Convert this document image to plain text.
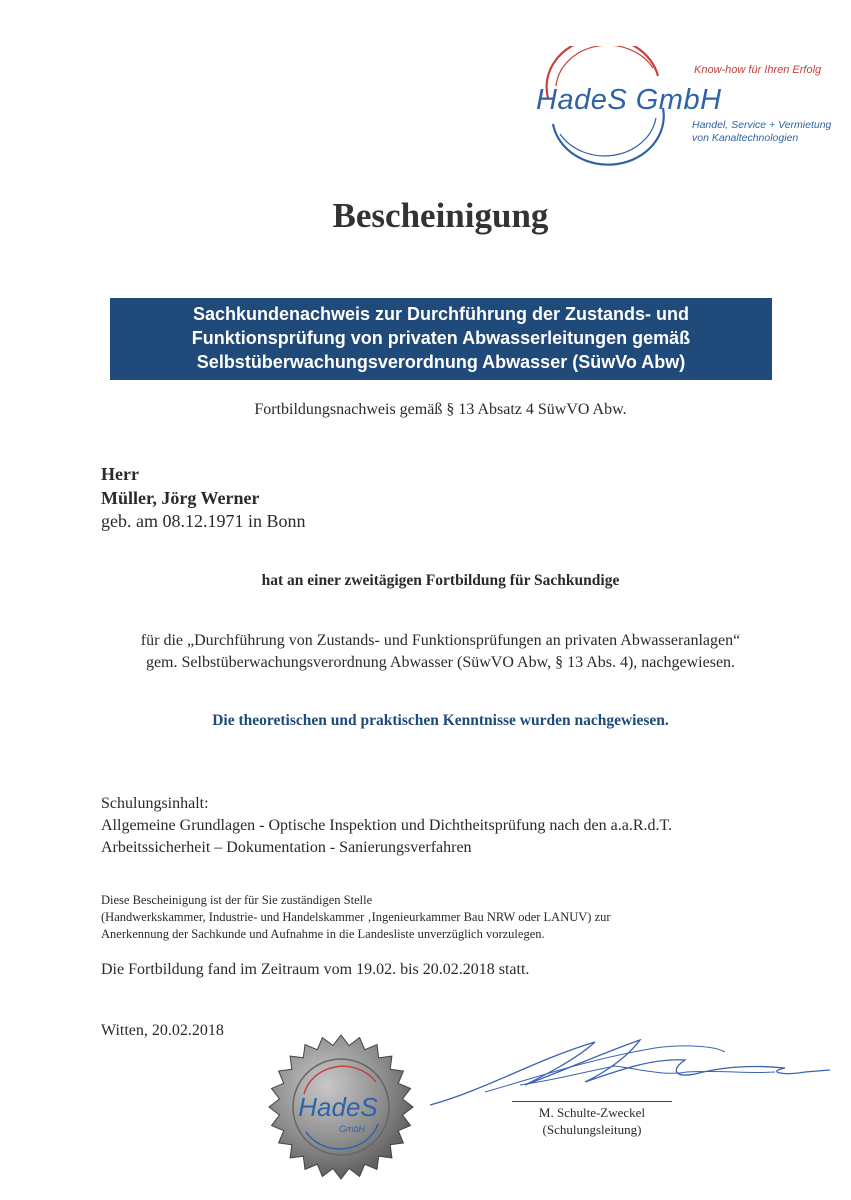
Know-how für Ihren Erfolg
HadeS GmbH
Handel, Service + Vermietung
von Kanaltechnologien
Bescheinigung
Sachkundenachweis zur Durchführung der Zustands- und
Funktionsprüfung von privaten Abwasserleitungen gemäß
Selbstüberwachungsverordnung Abwasser (SüwVo Abw)
Fortbildungsnachweis gemäß § 13 Absatz 4 SüwVO Abw.
Herr
Müller, Jörg Werner
geb. am 08.12.1971 in Bonn
hat an einer zweitägigen Fortbildung für Sachkundige
für die „Durchführung von Zustands- und Funktionsprüfungen an privaten Abwasseranlagen“
gem. Selbstüberwachungsverordnung Abwasser (SüwVO Abw, § 13 Abs. 4), nachgewiesen.
Die theoretischen und praktischen Kenntnisse wurden nachgewiesen.
Schulungsinhalt:
Allgemeine Grundlagen - Optische Inspektion und Dichtheitsprüfung nach den a.a.R.d.T.
Arbeitssicherheit – Dokumentation - Sanierungsverfahren
Diese Bescheinigung ist der für Sie zuständigen Stelle
(Handwerkskammer, Industrie- und Handelskammer ‚Ingenieurkammer Bau NRW oder LANUV) zur
Anerkennung der Sachkunde und Aufnahme in die Landesliste unverzüglich vorzulegen.
Die Fortbildung fand im Zeitraum vom 19.02. bis 20.02.2018 statt.
Witten, 20.02.2018
HadeS
GmbH
M. Schulte-Zweckel
(Schulungsleitung)
